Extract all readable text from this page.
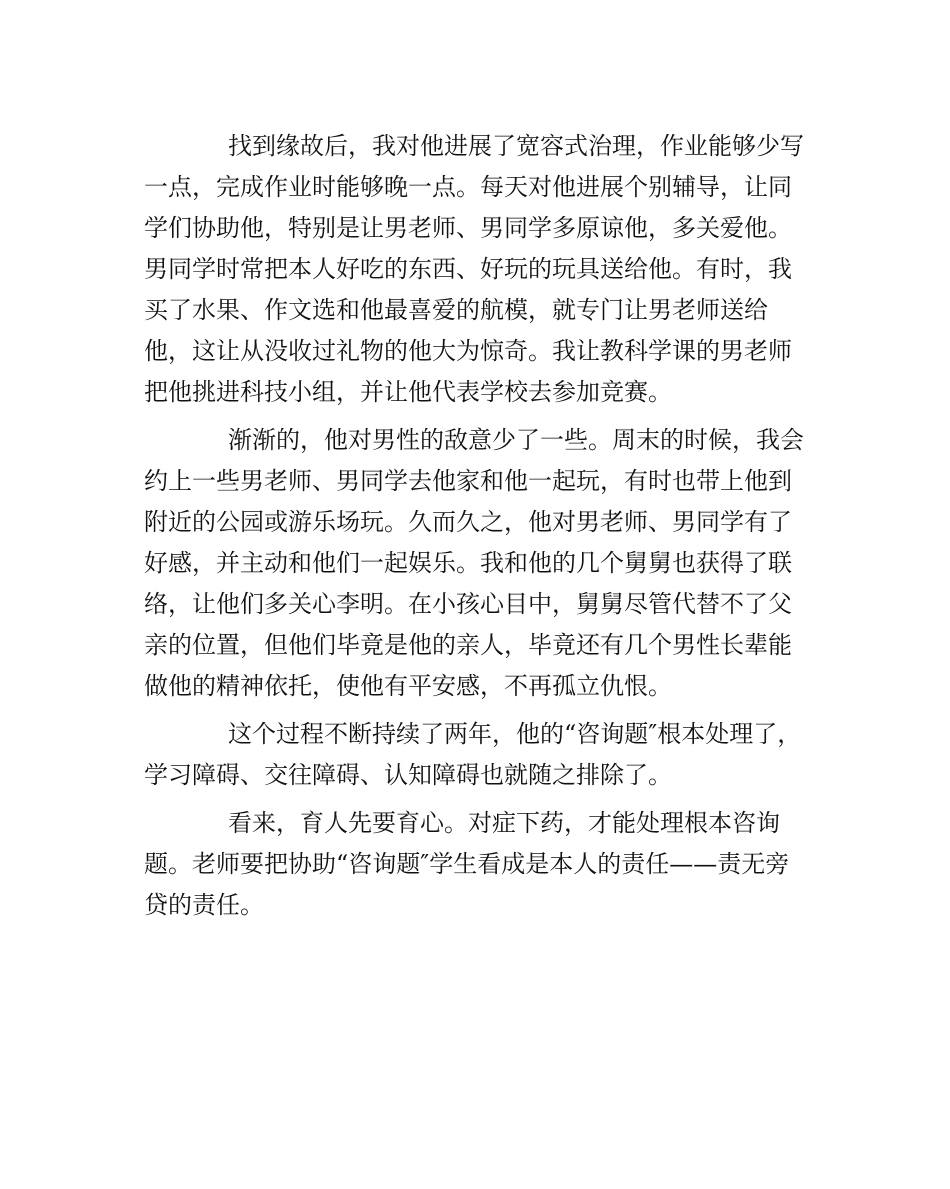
找到缘故后，我对他进展了宽容式治理，作业能够少写一点，完成作业时能够晚一点。每天对他进展个别辅导，让同学们协助他，特别是让男老师、男同学多原谅他，多关爱他。男同学时常把本人好吃的东西、好玩的玩具送给他。有时，我买了水果、作文选和他最喜爱的航模，就专门让男老师送给他，这让从没收过礼物的他大为惊奇。我让教科学课的男老师把他挑进科技小组，并让他代表学校去参加竞赛。

渐渐的，他对男性的敌意少了一些。周末的时候，我会约上一些男老师、男同学去他家和他一起玩，有时也带上他到附近的公园或游乐场玩。久而久之，他对男老师、男同学有了好感，并主动和他们一起娱乐。我和他的几个舅舅也获得了联络，让他们多关心李明。在小孩心目中，舅舅尽管代替不了父亲的位置，但他们毕竟是他的亲人，毕竟还有几个男性长辈能做他的精神依托，使他有平安感，不再孤立仇恨。

这个过程不断持续了两年，他的“咨询题″根本处理了，学习障碍、交往障碍、认知障碍也就随之排除了。

看来，育人先要育心。对症下药，才能处理根本咨询题。老师要把协助“咨询题″学生看成是本人的责任——责无旁贷的责任。
